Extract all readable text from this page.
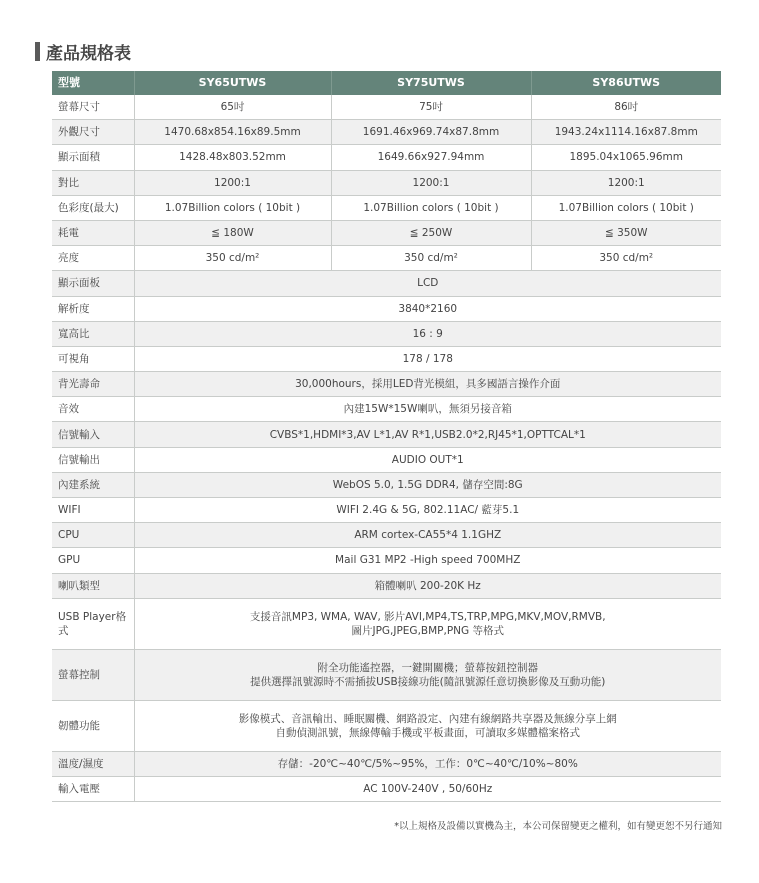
產品規格表
型號	SY65UTWS	SY75UTWS	SY86UTWS
螢幕尺寸	65吋	75吋	86吋
外觀尺寸	1470.68x854.16x89.5mm	1691.46x969.74x87.8mm	1943.24x1114.16x87.8mm
顯示面積	1428.48x803.52mm	1649.66x927.94mm	1895.04x1065.96mm
對比	1200:1	1200:1	1200:1
色彩度(最大)	1.07Billion colors ( 10bit )	1.07Billion colors ( 10bit )	1.07Billion colors ( 10bit )
耗電	≦ 180W	≦ 250W	≦ 350W
亮度	350 cd/m²	350 cd/m²	350 cd/m²
顯示面板	LCD		

解析度	3840*2160		

寬高比	16 : 9		

可視角	178 / 178		

背光壽命	30,000hours，採用LED背光模組，具多國語言操作介面		

音效	內建15W*15W喇叭，無須另接音箱		

信號輸入	CVBS*1,HDMI*3,AV L*1,AV R*1,USB2.0*2,RJ45*1,OPTTCAL*1		

信號輸出	AUDIO OUT*1		

內建系統	WebOS 5.0, 1.5G DDR4, 儲存空間:8G		

WIFI	WIFI 2.4G & 5G, 802.11AC/ 藍芽5.1		

CPU	ARM cortex-CA55*4 1.1GHZ		

GPU	Mail G31 MP2 -High speed 700MHZ		

喇叭類型	箱體喇叭 200-20K Hz		

USB Player格式	支援音訊MP3, WMA, WAV, 影片AVI,MP4,TS,TRP,MPG,MKV,MOV,RMVB,
圖片JPG,JPEG,BMP,PNG 等格式		

螢幕控制	附全功能遙控器，一鍵開關機；螢幕按鈕控制器
提供選擇訊號源時不需插拔USB接線功能(隨訊號源任意切換影像及互動功能)		

韌體功能	影像模式、音訊輸出、睡眠關機、網路設定、內建有線網路共享器及無線分享上網
自動偵測訊號，無線傳輸手機或平板畫面，可讀取多媒體檔案格式		

溫度/濕度	存儲：-20℃~40℃/5%~95%，工作：0℃~40℃/10%~80%		

輸入電壓	AC 100V-240V , 50/60Hz		
*以上規格及設備以實機為主，本公司保留變更之權利，如有變更恕不另行通知
